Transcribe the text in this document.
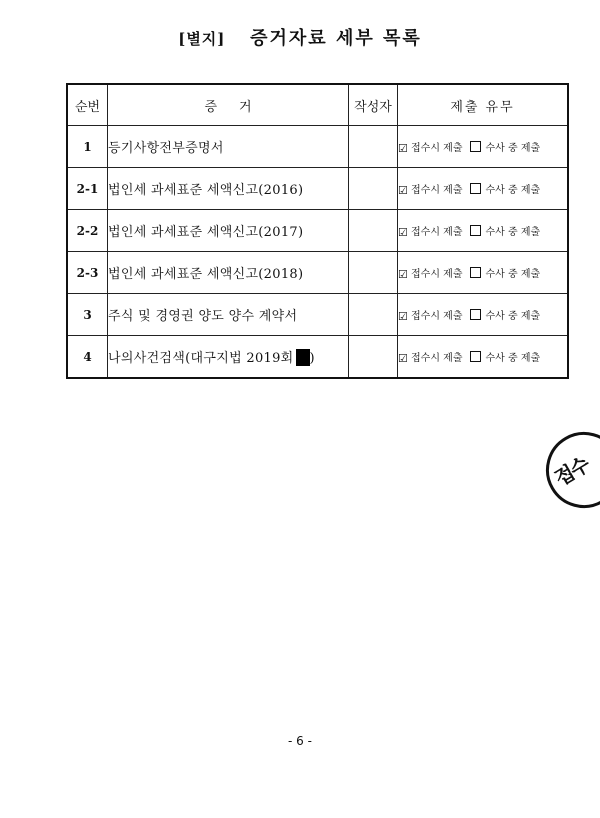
[별지] 증거자료 세부 목록
순번	증거	작성자	제출 유무
1	등기사항전부증명서		☑ 접수시 제출 수사 중 제출
2-1	법인세 과세표준 세액신고(2016)		☑ 접수시 제출 수사 중 제출
2-2	법인세 과세표준 세액신고(2017)		☑ 접수시 제출 수사 중 제출
2-3	법인세 과세표준 세액신고(2018)		☑ 접수시 제출 수사 중 제출
3	주식 및 경영권 양도 양수 계약서		☑ 접수시 제출 수사 중 제출
4	나의사건검색(대구지법 2019회 )		☑ 접수시 제출 수사 중 제출
접수
- 6 -
